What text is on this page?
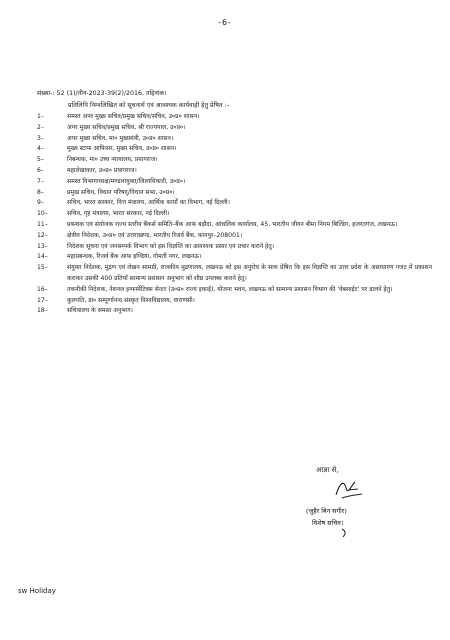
-6-
संख्या-: 52 (1)/तीन-2023-39(2)/2016, तद्दिनांक।
प्रतिलिपि निम्नलिखित को सूचनार्थ एवं आवश्यक कार्यवाही हेतु प्रेषित :–
1–	समस्त अपर मुख्य सचिव/प्रमुख सचिव/सचिव, उ०प्र० शासन।
2–	अपर मुख्य सचिव/प्रमुख सचिव, श्री राज्यपाल, उ०प्र०।
3–	अपर मुख्य सचिव, मा० मुख्यमंत्री, उ०प्र० शासन।
4–	मुख्य स्टाफ आफिसर, मुख्य सचिव, उ०प्र० शासन।
5–	निबन्धक, मा० उच्च न्यायालय, प्रयागराज।
6–	महालेखाकार, उ०प्र० प्रयागराज।
7–	समस्त विभागाध्यक्ष/मण्डलायुक्त/जिलाधिकारी, उ०प्र०।
8–	प्रमुख सचिव, विधान परिषद्/विधान सभा, उ०प्र०।
9–	सचिव, भारत सरकार, वित्त मंत्रालय, आर्थिक कार्यों का विभाग, नई दिल्ली।
10–	सचिव, गृह मंत्रालय, भारत सरकार, नई दिल्ली।
11–	प्रबन्धक एवं संयोजक राज्य स्तरीय बैंकर्स समिति–बैंक आफ बड़ौदा, आंचलिक कार्यालय, 45, भारतीय जीवन बीमा निगम बिल्डिंग, हजरतगंज, लखनऊ।
12–	क्षेत्रीय निदेशक, उ०प्र० एवं उत्तराखण्ड, भारतीय रिजर्व बैंक, कानपुर–208001।
13–	निदेशक सूचना एवं जनसम्पर्क विभाग को इस विज्ञप्ति का आवश्यक प्रसार एवं प्रचार कराने हेतु।
14–	महाप्रबन्धक, रिजर्व बैंक आफ इण्डिया, गोमती नगर, लखनऊ।
15–	संयुक्त निदेशक, मुद्रण एवं लेखन सामग्री, राजकीय मुद्रणालय, लखनऊ को इस अनुरोध के साथ प्रेषित कि इस विज्ञप्ति का उत्तर प्रदेश के असाधारण गजट में प्रकाशन कराकर उसकी 400 प्रतियाँ सामान्य प्रशासन अनुभाग को शीघ्र उपलब्ध कराने हेतु।
16–	तकनीकी निदेशक, नेशनल इन्फार्मेटिक्स सेन्टर (उ०प्र० राज्य इकाई), योजना भवन, लखनऊ को सामान्य प्रशासन विभाग की 'वेबसाईट' पर डालने हेतु।
17–	कुलपति, डा० सम्पूर्णानन्द संस्कृत विश्वविद्यालय, वाराणसी।
18–	सचिवालय के समस्त अनुभाग।
आज्ञा से,
(जुहैर बिन सगीर)
विशेष सचिव।
sw Holiday
